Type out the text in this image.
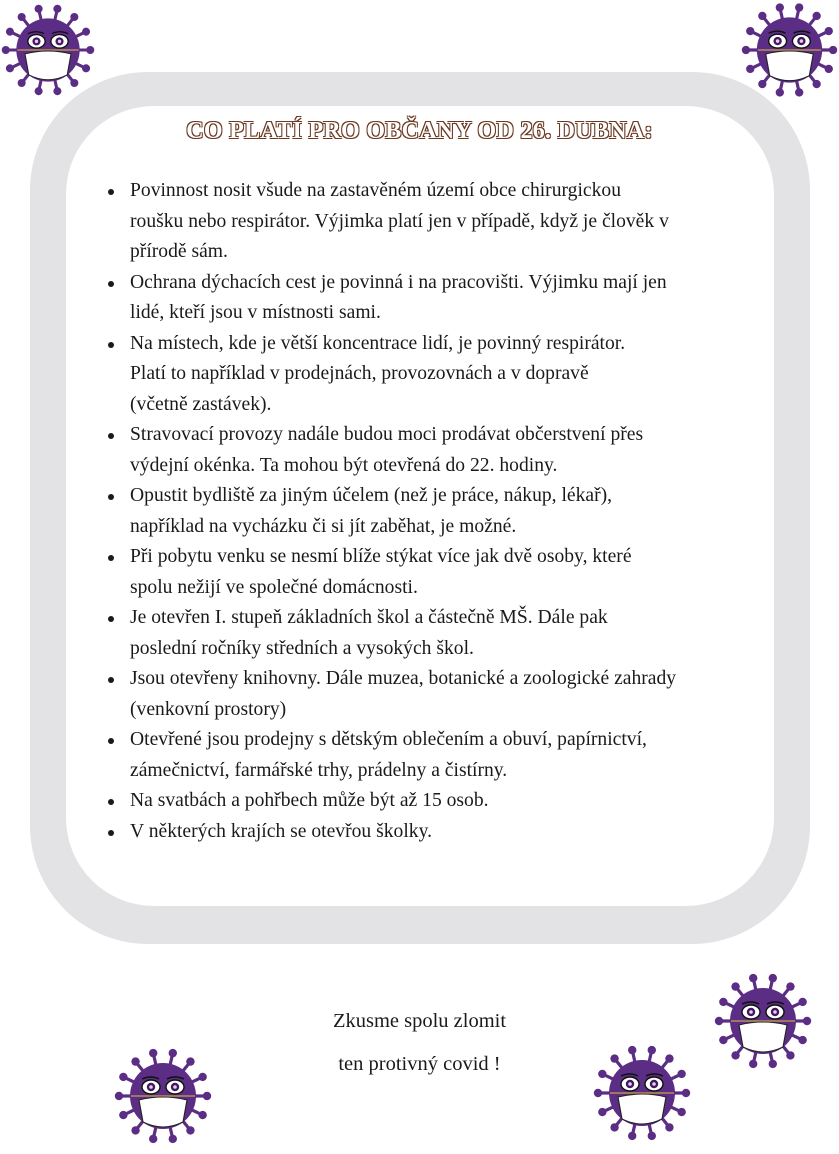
CO PLATÍ PRO OBČANY OD 26. DUBNA:
Povinnost nosit všude na zastavěném území obce chirurgickou
roušku nebo respirátor. Výjimka platí jen v případě, když je člověk v
přírodě sám.
Ochrana dýchacích cest je povinná i na pracovišti. Výjimku mají jen
lidé, kteří jsou v místnosti sami.
Na místech, kde je větší koncentrace lidí, je povinný respirátor.
Platí to například v prodejnách, provozovnách a v dopravě
(včetně zastávek).
Stravovací provozy nadále budou moci prodávat občerstvení přes
výdejní okénka. Ta mohou být otevřená do 22. hodiny.
Opustit bydliště za jiným účelem (než je práce, nákup, lékař),
například na vycházku či si jít zaběhat, je možné.
Při pobytu venku se nesmí blíže stýkat více jak dvě osoby, které
spolu nežijí ve společné domácnosti.
Je otevřen I. stupeň základních škol a částečně MŠ. Dále pak
poslední ročníky středních a vysokých škol.
Jsou otevřeny knihovny. Dále muzea, botanické a zoologické zahrady
(venkovní prostory)
Otevřené jsou prodejny s dětským oblečením a obuví, papírnictví,
zámečnictví, farmářské trhy, prádelny a čistírny.
Na svatbách a pohřbech může být až 15 osob.
V některých krajích se otevřou školky.

Zkusme spolu zlomit

ten protivný covid !
